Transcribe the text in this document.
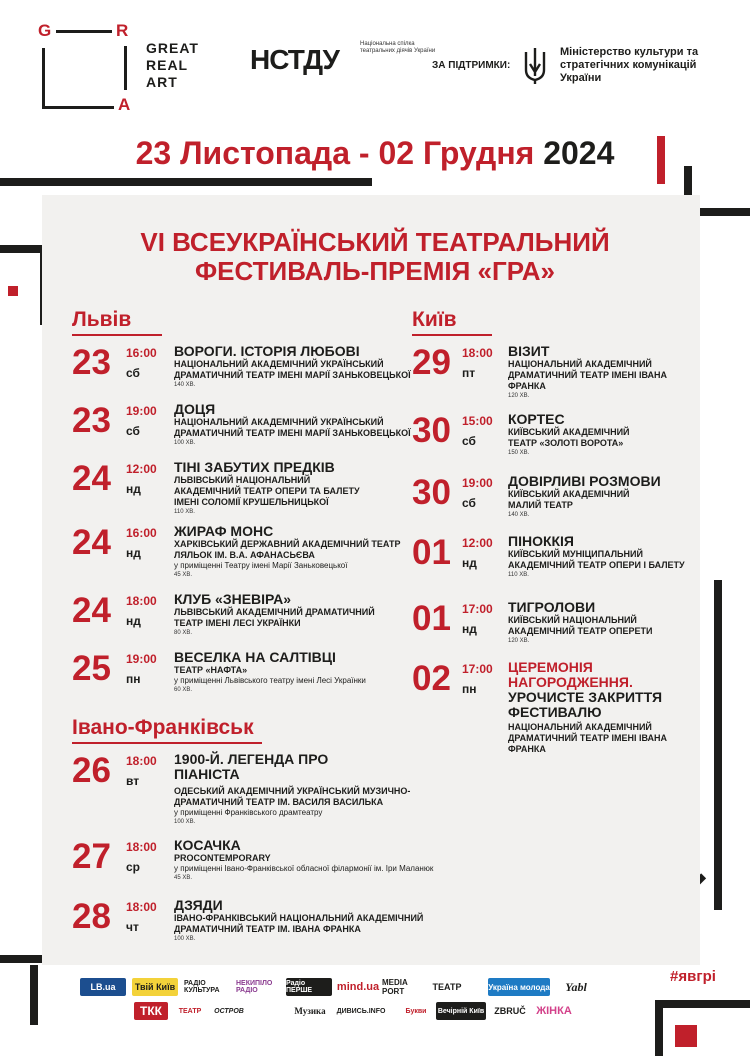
G	R
A
GREAT
REAL
ART
НСТДУ	Національна спілка театральних діячів України
ЗА ПІДТРИМКИ:
Міністерство культури та стратегічних комунікацій України
23 Листопада - 02 Грудня 2024
VI ВСЕУКРАЇНСЬКИЙ ТЕАТРАЛЬНИЙ
ФЕСТИВАЛЬ-ПРЕМІЯ «ГРА»
Львів	Київ
Івано-Франківськ
23 16:00
сб
ВОРОГИ. ІСТОРІЯ ЛЮБОВІ
НАЦІОНАЛЬНИЙ АКАДЕМІЧНИЙ УКРАЇНСЬКИЙ ДРАМАТИЧНИЙ ТЕАТР ІМЕНІ МАРІЇ ЗАНЬКОВЕЦЬКОЇ
140 ХВ.
23 19:00
сб
ДОЦЯ
НАЦІОНАЛЬНИЙ АКАДЕМІЧНИЙ УКРАЇНСЬКИЙ ДРАМАТИЧНИЙ ТЕАТР ІМЕНІ МАРІЇ ЗАНЬКОВЕЦЬКОЇ
100 ХВ.
24 12:00
нд
ТІНІ ЗАБУТИХ ПРЕДКІВ
ЛЬВІВСЬКИЙ НАЦІОНАЛЬНИЙ АКАДЕМІЧНИЙ ТЕАТР ОПЕРИ ТА БАЛЕТУ ІМЕНІ СОЛОМІЇ КРУШЕЛЬНИЦЬКОЇ
110 ХВ.
24 16:00
нд
ЖИРАФ МОНС
ХАРКІВСЬКИЙ ДЕРЖАВНИЙ АКАДЕМІЧНИЙ ТЕАТР ЛЯЛЬОК ІМ. В.А. АФАНАСЬЄВА
у приміщенні Театру імені Марії Заньковецької
45 ХВ.
24 18:00
нд
КЛУБ «ЗНЕВІРА»
ЛЬВІВСЬКИЙ АКАДЕМІЧНИЙ ДРАМАТИЧНИЙ ТЕАТР ІМЕНІ ЛЕСІ УКРАЇНКИ
80 ХВ.
25 19:00
пн
ВЕСЕЛКА НА САЛТІВЦІ
ТЕАТР «НАФТА»
у приміщенні Львівського театру імені Лесі Українки
60 ХВ.
26 18:00
вт
1900-Й. ЛЕГЕНДА ПРО ПІАНІСТА
ОДЕСЬКИЙ АКАДЕМІЧНИЙ УКРАЇНСЬКИЙ МУЗИЧНО-ДРАМАТИЧНИЙ ТЕАТР ІМ. ВАСИЛЯ ВАСИЛЬКА
у приміщенні Франківського драмтеатру
100 ХВ.
27 18:00
ср
КОСАЧКА
PROCONTEMPORARY
у приміщенні Івано-Франківської обласної філармонії ім. Іри Маланюк
45 ХВ.
28 18:00
чт
ДЗЯДИ
ІВАНО-ФРАНКІВСЬКИЙ НАЦІОНАЛЬНИЙ АКАДЕМІЧНИЙ ДРАМАТИЧНИЙ ТЕАТР ІМ. ІВАНА ФРАНКА
100 ХВ.
29 18:00
пт
ВІЗИТ
НАЦІОНАЛЬНИЙ АКАДЕМІЧНИЙ ДРАМАТИЧНИЙ ТЕАТР ІМЕНІ ІВАНА ФРАНКА
120 ХВ.
30 15:00
сб
КОРТЕС
КИЇВСЬКИЙ АКАДЕМІЧНИЙ ТЕАТР «ЗОЛОТІ ВОРОТА»
150 ХВ.
30 19:00
сб
ДОВІРЛИВІ РОЗМОВИ
КИЇВСЬКИЙ АКАДЕМІЧНИЙ МАЛИЙ ТЕАТР
140 ХВ.
01 12:00
нд
ПІНОККІЯ
КИЇВСЬКИЙ МУНІЦИПАЛЬНИЙ АКАДЕМІЧНИЙ ТЕАТР ОПЕРИ І БАЛЕТУ
110 ХВ.
01 17:00
нд
ТИГРОЛОВИ
КИЇВСЬКИЙ НАЦІОНАЛЬНИЙ АКАДЕМІЧНИЙ ТЕАТР ОПЕРЕТИ
120 ХВ.
02 17:00
пн
ЦЕРЕМОНІЯ НАГОРОДЖЕННЯ.
УРОЧИСТЕ ЗАКРИТТЯ ФЕСТИВАЛЮ
НАЦІОНАЛЬНИЙ АКАДЕМІЧНИЙ ДРАМАТИЧНИЙ ТЕАТР ІМЕНІ ІВАНА ФРАНКА
#явгрі
LB.ua	Твій Київ	РАДІО КУЛЬТУРА
НЕКИПІЛО РАДІО
Радіо ПЕРШЕ	mind.ua MEDIA PORT	ТЕАТР	Україна молода	Yabl
ТКК	ТЕАТР	ОСТРОВ	Музика	ДИВИСЬ.INFO	Букви	Вечірній Київ	ZBRUČ ЖІНКА
